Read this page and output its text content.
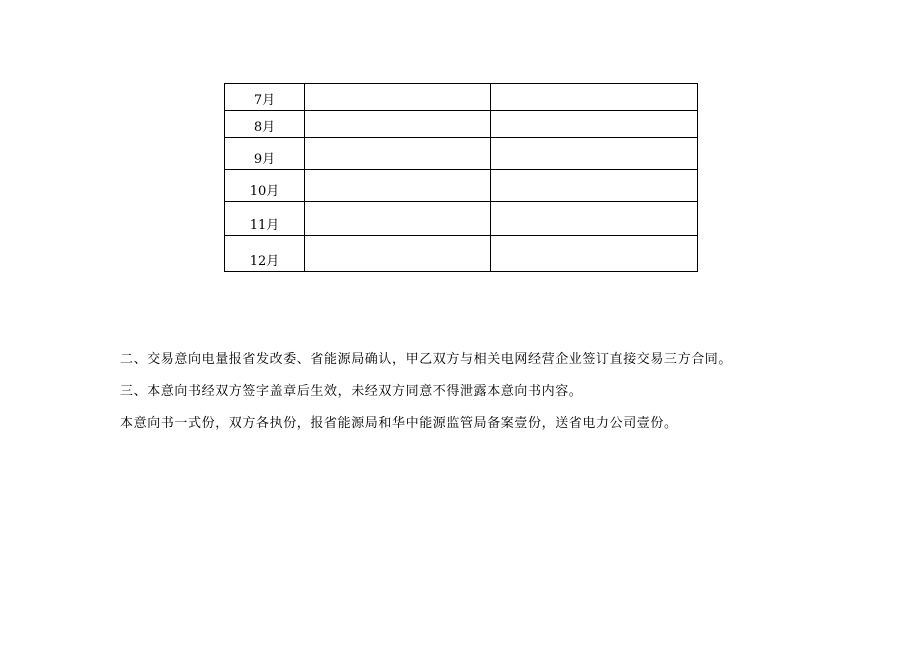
7月		
8月		
9月		
10月		
11月		
12月		

二、交易意向电量报省发改委、省能源局确认，甲乙双方与相关电网经营企业签订直接交易三方合同。

三、本意向书经双方签字盖章后生效，未经双方同意不得泄露本意向书内容。

本意向书一式份，双方各执份，报省能源局和华中能源监管局备案壹份，送省电力公司壹份。
